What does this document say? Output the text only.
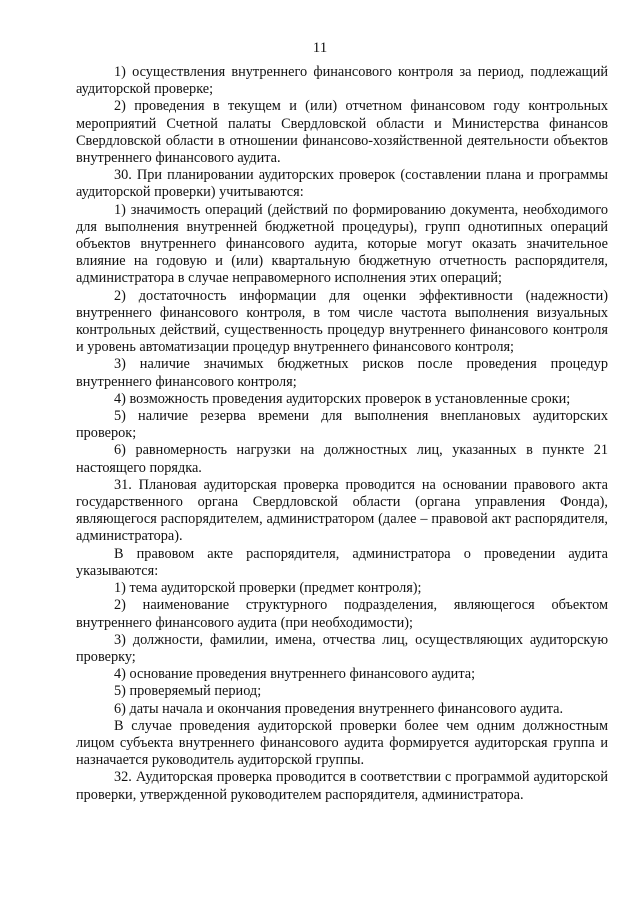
11

1) осуществления внутреннего финансового контроля за период, подлежащий аудиторской проверке;

2) проведения в текущем и (или) отчетном финансовом году контрольных мероприятий Счетной палаты Свердловской области и Министерства финансов Свердловской области в отношении финансово-хозяйственной деятельности объектов внутреннего финансового аудита.

30. При планировании аудиторских проверок (составлении плана и программы аудиторской проверки) учитываются:

1) значимость операций (действий по формированию документа, необходимого для выполнения внутренней бюджетной процедуры), групп однотипных операций объектов внутреннего финансового аудита, которые могут оказать значительное влияние на годовую и (или) квартальную бюджетную отчетность распорядителя, администратора в случае неправомерного исполнения этих операций;

2) достаточность информации для оценки эффективности (надежности) внутреннего финансового контроля, в том числе частота выполнения визуальных контрольных действий, существенность процедур внутреннего финансового контроля и уровень автоматизации процедур внутреннего финансового контроля;

3) наличие значимых бюджетных рисков после проведения процедур внутреннего финансового контроля;

4) возможность проведения аудиторских проверок в установленные сроки;

5) наличие резерва времени для выполнения внеплановых аудиторских проверок;

6) равномерность нагрузки на должностных лиц, указанных в пункте 21 настоящего порядка.

31. Плановая аудиторская проверка проводится на основании правового акта государственного органа Свердловской области (органа управления Фонда), являющегося распорядителем, администратором (далее – правовой акт распорядителя, администратора).

В правовом акте распорядителя, администратора о проведении аудита указываются:

1) тема аудиторской проверки (предмет контроля);

2) наименование структурного подразделения, являющегося объектом внутреннего финансового аудита (при необходимости);

3) должности, фамилии, имена, отчества лиц, осуществляющих аудиторскую проверку;

4) основание проведения внутреннего финансового аудита;

5) проверяемый период;

6) даты начала и окончания проведения внутреннего финансового аудита.

В случае проведения аудиторской проверки более чем одним должностным лицом субъекта внутреннего финансового аудита формируется аудиторская группа и назначается руководитель аудиторской группы.

32. Аудиторская проверка проводится в соответствии с программой аудиторской проверки, утвержденной руководителем распорядителя, администратора.
